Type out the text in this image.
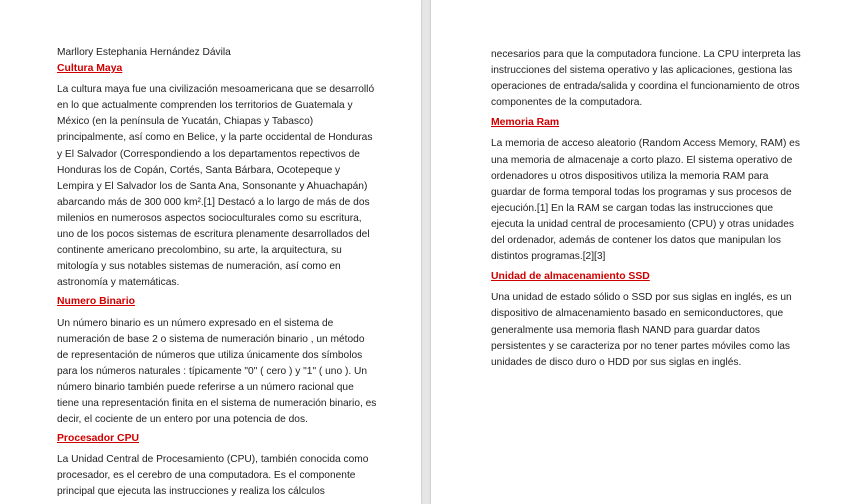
Marllory Estephania Hernández Dávila

Cultura Maya

La cultura maya fue una civilización mesoamericana que se desarrolló en lo que actualmente comprenden los territorios de Guatemala y México (en la península de Yucatán, Chiapas y Tabasco) principalmente, así como en Belice, y la parte occidental de Honduras y El Salvador (Correspondiendo a los departamentos repectivos de Honduras los de Copán, Cortés, Santa Bárbara, Ocotepeque y Lempira y El Salvador los de Santa Ana, Sonsonante y Ahuachapán) abarcando más de 300 000 km².[1] Destacó a lo largo de más de dos milenios en numerosos aspectos socioculturales como su escritura, uno de los pocos sistemas de escritura plenamente desarrollados del continente americano precolombino, su arte, la arquitectura, su mitología y sus notables sistemas de numeración, así como en astronomía y matemáticas.

Numero Binario

Un número binario es un número expresado en el sistema de numeración de base 2 o sistema de numeración binario , un método de representación de números que utiliza únicamente dos símbolos para los números naturales : típicamente "0" ( cero ) y "1" ( uno ). Un número binario también puede referirse a un número racional que tiene una representación finita en el sistema de numeración binario, es decir, el cociente de un entero por una potencia de dos.

Procesador CPU

La Unidad Central de Procesamiento (CPU), también conocida como procesador, es el cerebro de una computadora. Es el componente principal que ejecuta las instrucciones y realiza los cálculos

necesarios para que la computadora funcione. La CPU interpreta las instrucciones del sistema operativo y las aplicaciones, gestiona las operaciones de entrada/salida y coordina el funcionamiento de otros componentes de la computadora.

Memoria Ram

La memoria de acceso aleatorio (Random Access Memory, RAM) es una memoria de almacenaje a corto plazo. El sistema operativo de ordenadores u otros dispositivos utiliza la memoria RAM para guardar de forma temporal todas los programas y sus procesos de ejecución.[1] En la RAM se cargan todas las instrucciones que ejecuta la unidad central de procesamiento (CPU) y otras unidades del ordenador, además de contener los datos que manipulan los distintos programas.[2][3]

Unidad de almacenamiento SSD

Una unidad de estado sólido o SSD por sus siglas en inglés, es un dispositivo de almacenamiento basado en semiconductores, que generalmente usa memoria flash NAND para guardar datos persistentes y se caracteriza por no tener partes móviles como las unidades de disco duro o HDD por sus siglas en inglés.
